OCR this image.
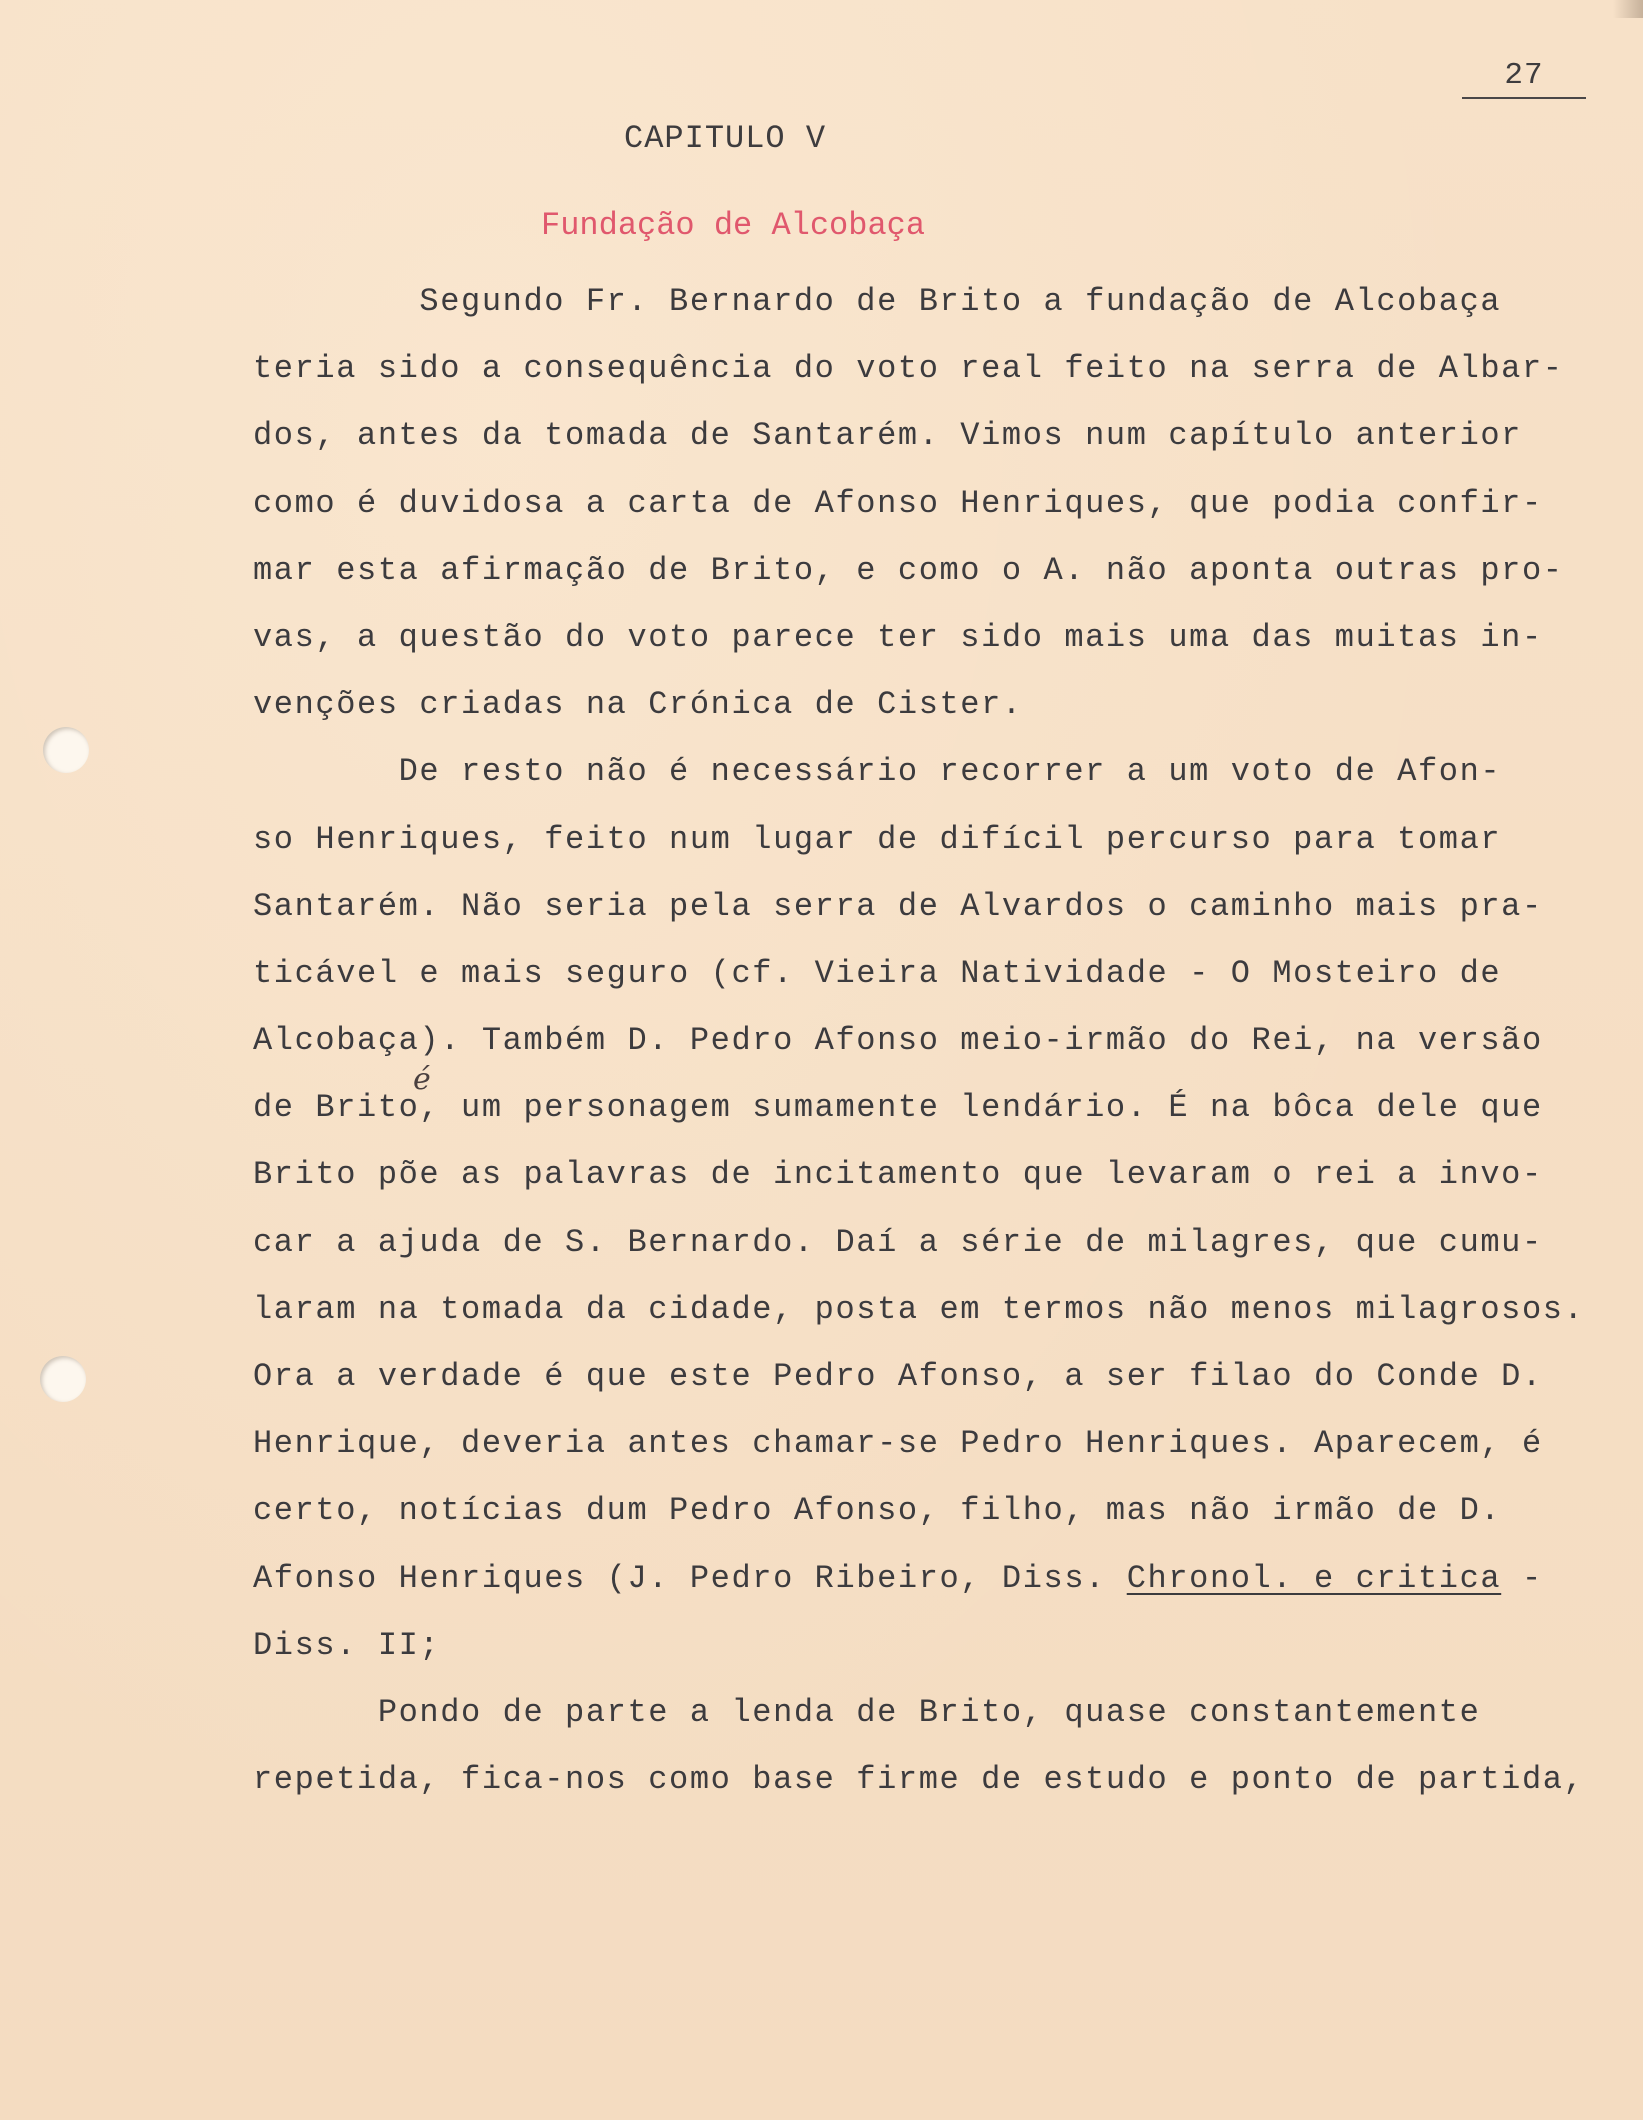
27
CAPITULO V
Fundação de Alcobaça
Segundo Fr. Bernardo de Brito a fundação de Alcobaça
teria sido a consequência do voto real feito na serra de Albar-
dos, antes da tomada de Santarém. Vimos num capítulo anterior
como é duvidosa a carta de Afonso Henriques, que podia confir-
mar esta afirmação de Brito, e como o A. não aponta outras pro-
vas, a questão do voto parece ter sido mais uma das muitas in-
venções criadas na Crónica de Cister.
De resto não é necessário recorrer a um voto de Afon-
so Henriques, feito num lugar de difícil percurso para tomar
Santarém. Não seria pela serra de Alvardos o caminho mais pra-
ticável e mais seguro (cf. Vieira Natividade - O Mosteiro de
Alcobaça). Também D. Pedro Afonso meio-irmão do Rei, na versão
de Brito, um personagem sumamente lendário. É na bôca dele que
Brito põe as palavras de incitamento que levaram o rei a invo-
car a ajuda de S. Bernardo. Daí a série de milagres, que cumu-
laram na tomada da cidade, posta em termos não menos milagrosos.
Ora a verdade é que este Pedro Afonso, a ser filao do Conde D.
Henrique, deveria antes chamar-se Pedro Henriques. Aparecem, é
certo, notícias dum Pedro Afonso, filho, mas não irmão de D.
Afonso Henriques (J. Pedro Ribeiro, Diss. Chronol. e critica -
Diss. II;
Pondo de parte a lenda de Brito, quase constantemente
repetida, fica-nos como base firme de estudo e ponto de partida,
é
